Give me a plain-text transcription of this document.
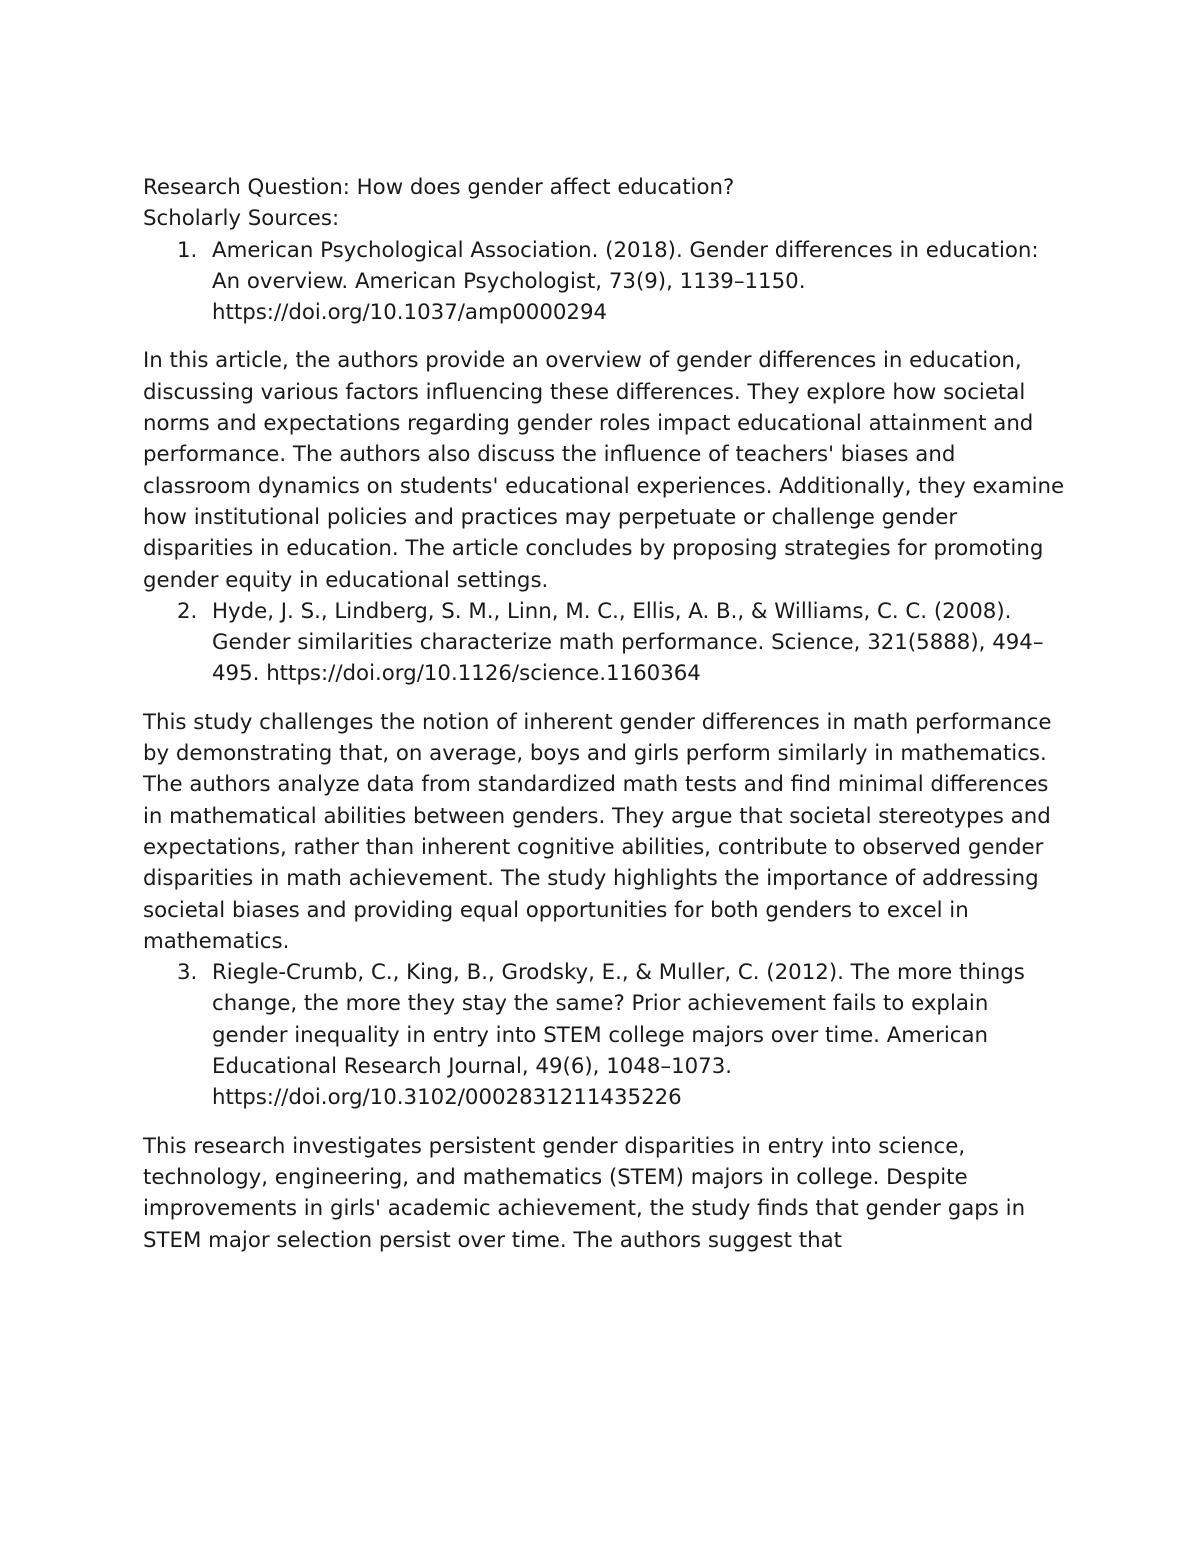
Research Question: How does gender affect education?

Scholarly Sources:

1. American Psychological Association. (2018). Gender differences in education: An overview. American Psychologist, 73(9), 1139–1150. https://doi.org/10.1037/amp0000294

In this article, the authors provide an overview of gender differences in education, discussing various factors influencing these differences. They explore how societal norms and expectations regarding gender roles impact educational attainment and performance. The authors also discuss the influence of teachers' biases and classroom dynamics on students' educational experiences. Additionally, they examine how institutional policies and practices may perpetuate or challenge gender disparities in education. The article concludes by proposing strategies for promoting gender equity in educational settings.

2. Hyde, J. S., Lindberg, S. M., Linn, M. C., Ellis, A. B., & Williams, C. C. (2008). Gender similarities characterize math performance. Science, 321(5888), 494–495. https://doi.org/10.1126/science.1160364

This study challenges the notion of inherent gender differences in math performance by demonstrating that, on average, boys and girls perform similarly in mathematics. The authors analyze data from standardized math tests and find minimal differences in mathematical abilities between genders. They argue that societal stereotypes and expectations, rather than inherent cognitive abilities, contribute to observed gender disparities in math achievement. The study highlights the importance of addressing societal biases and providing equal opportunities for both genders to excel in mathematics.

3. Riegle-Crumb, C., King, B., Grodsky, E., & Muller, C. (2012). The more things change, the more they stay the same? Prior achievement fails to explain gender inequality in entry into STEM college majors over time. American Educational Research Journal, 49(6), 1048–1073. https://doi.org/10.3102/0002831211435226

This research investigates persistent gender disparities in entry into science, technology, engineering, and mathematics (STEM) majors in college. Despite improvements in girls' academic achievement, the study finds that gender gaps in STEM major selection persist over time. The authors suggest that
